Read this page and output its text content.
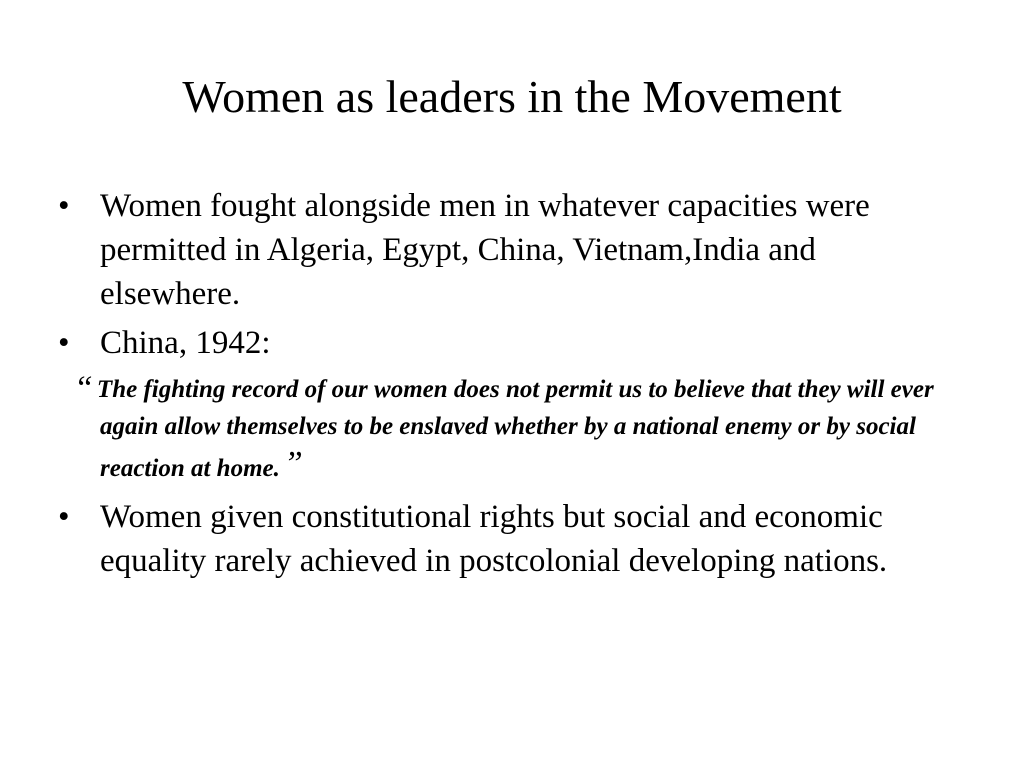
Women as leaders in the Movement
• Women fought alongside men in whatever capacities were permitted in Algeria, Egypt, China, Vietnam,India and elsewhere.
• China, 1942:
“ The fighting record of our women does not permit us to believe that they will ever again allow themselves to be enslaved whether by a national enemy or by social reaction at home. ”
• Women given constitutional rights but social and economic equality rarely achieved in postcolonial developing nations.
